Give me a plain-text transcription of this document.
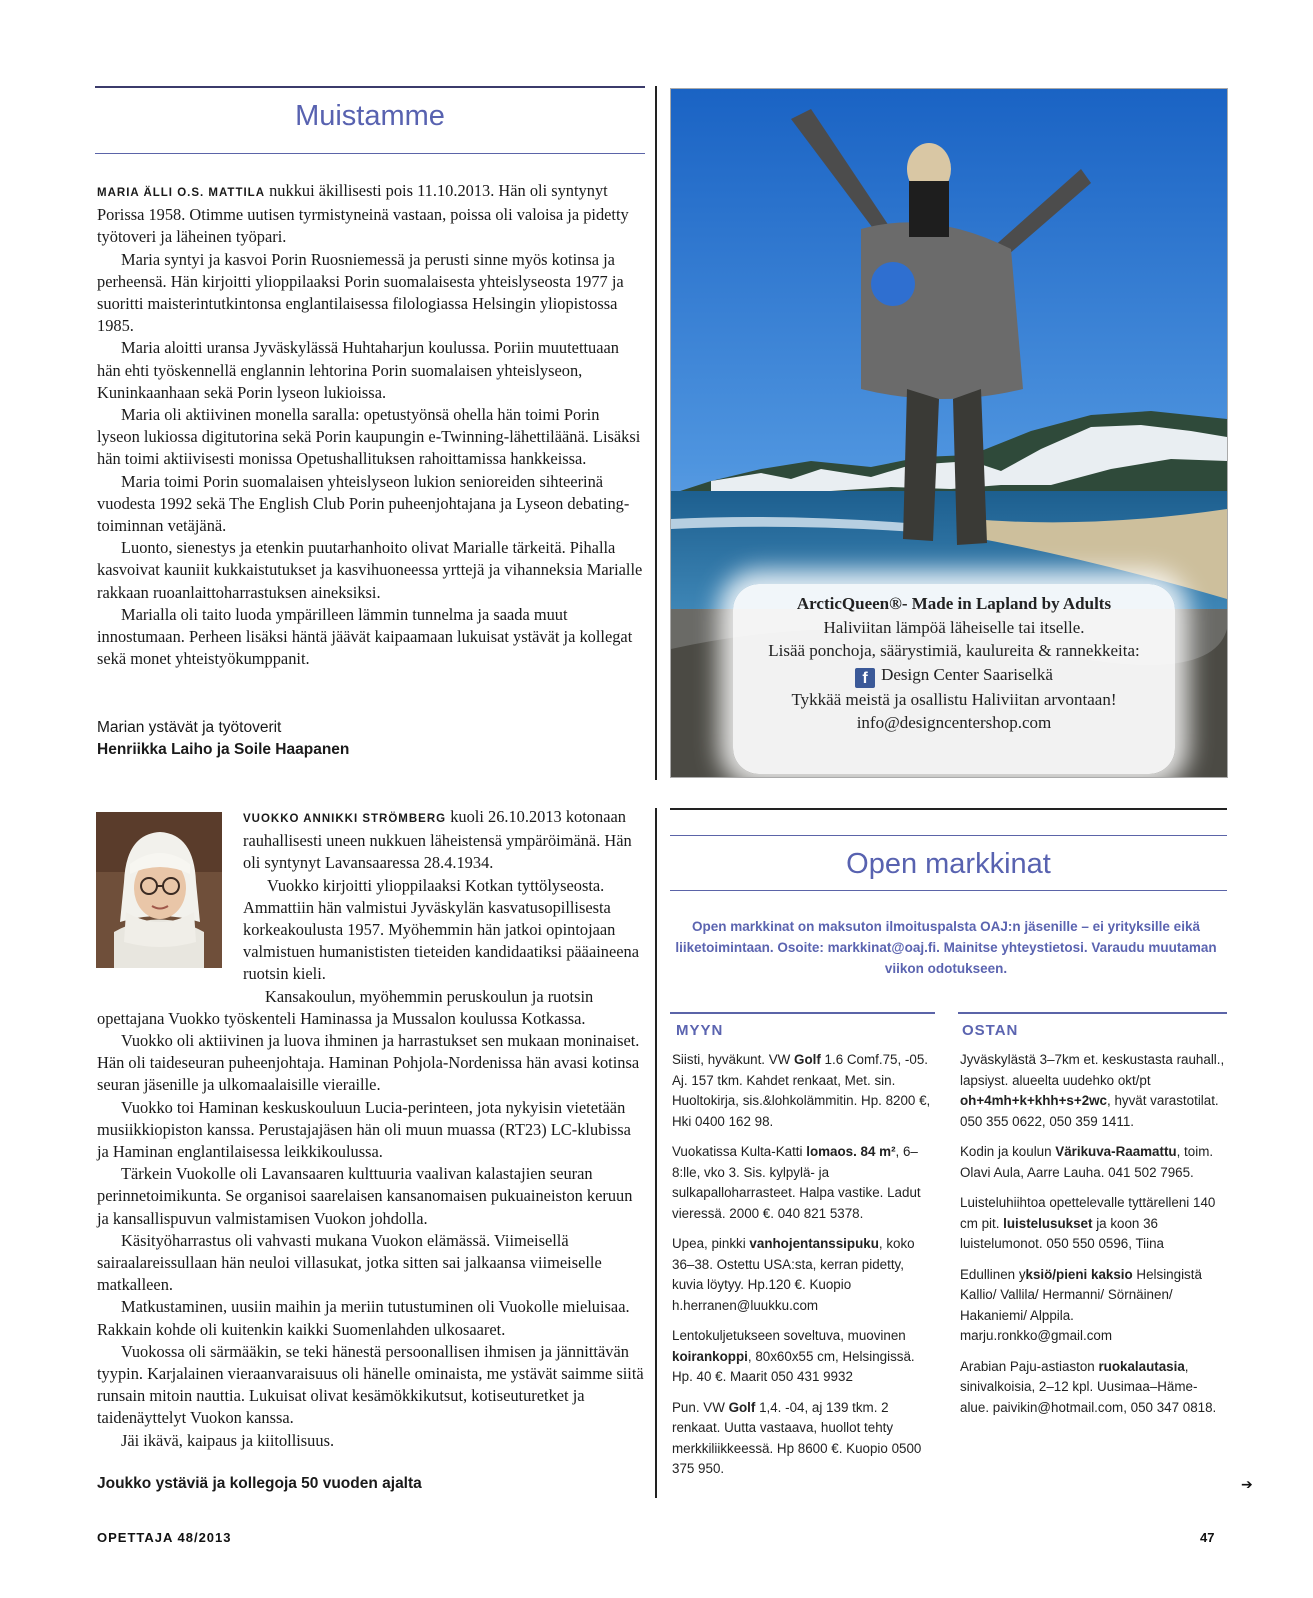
Muistamme

MARIA ÄLLI O.S. MATTILA nukkui äkillisesti pois 11.10.2013. Hän oli syntynyt Porissa 1958. Otimme uutisen tyrmistyneinä vastaan, poissa oli valoisa ja pidetty työtoveri ja läheinen työpari.

Maria syntyi ja kasvoi Porin Ruosniemessä ja perusti sinne myös kotinsa ja perheensä. Hän kirjoitti ylioppilaaksi Porin suomalaisesta yhteislyseosta 1977 ja suoritti maisterintutkintonsa englantilaisessa filologiassa Helsingin yliopistossa 1985.

Maria aloitti uransa Jyväskylässä Huhtaharjun koulussa. Poriin muutettuaan hän ehti työskennellä englannin lehtorina Porin suomalaisen yhteislyseon, Kuninkaanhaan sekä Porin lyseon lukioissa.

Maria oli aktiivinen monella saralla: opetustyönsä ohella hän toimi Porin lyseon lukiossa digitutorina sekä Porin kaupungin e-Twinning-lähettiläänä. Lisäksi hän toimi aktiivisesti monissa Opetushallituksen rahoittamissa hankkeissa.

Maria toimi Porin suomalaisen yhteislyseon lukion senioreiden sihteerinä vuodesta 1992 sekä The English Club Porin puheenjohtajana ja Lyseon debating-toiminnan vetäjänä.

Luonto, sienestys ja etenkin puutarhanhoito olivat Marialle tärkeitä. Pihalla kasvoivat kauniit kukkaistutukset ja kasvihuoneessa yrttejä ja vihanneksia Marialle rakkaan ruoanlaittoharrastuksen aineksiksi.

Marialla oli taito luoda ympärilleen lämmin tunnelma ja saada muut innostumaan. Perheen lisäksi häntä jäävät kaipaamaan lukuisat ystävät ja kollegat sekä monet yhteistyökumppanit.

Marian ystävät ja työtoverit
Henriikka Laiho ja Soile Haapanen

VUOKKO ANNIKKI STRÖMBERG kuoli 26.10.2013 kotonaan rauhallisesti uneen nukkuen läheistensä ympäröimänä. Hän oli syntynyt Lavansaaressa 28.4.1934.

Vuokko kirjoitti ylioppilaaksi Kotkan tyttölyseosta. Ammattiin hän valmistui Jyväskylän kasvatusopillisesta korkeakoulusta 1957. Myöhemmin hän jatkoi opintojaan valmistuen humanististen tieteiden kandidaatiksi pääaineena ruotsin kieli.

Kansakoulun, myöhemmin peruskoulun ja ruotsin opettajana Vuokko työskenteli Haminassa ja Mussalon koulussa Kotkassa.

Vuokko oli aktiivinen ja luova ihminen ja harrastukset sen mukaan moninaiset. Hän oli taideseuran puheenjohtaja. Haminan Pohjola-Nordenissa hän avasi kotinsa seuran jäsenille ja ulkomaalaisille vieraille.

Vuokko toi Haminan keskuskouluun Lucia-perinteen, jota nykyisin vietetään musiikkiopiston kanssa. Perustajajäsen hän oli muun muassa (RT23) LC-klubissa ja Haminan englantilaisessa leikkikoulussa.

Tärkein Vuokolle oli Lavansaaren kulttuuria vaalivan kalastajien seuran perinnetoimikunta. Se organisoi saarelaisen kansanomaisen pukuaineiston keruun ja kansallispuvun valmistamisen Vuokon johdolla.

Käsityöharrastus oli vahvasti mukana Vuokon elämässä. Viimeisellä sairaalareissullaan hän neuloi villasukat, jotka sitten sai jalkaansa viimeiselle matkalleen.

Matkustaminen, uusiin maihin ja meriin tutustuminen oli Vuokolle mieluisaa. Rakkain kohde oli kuitenkin kaikki Suomenlahden ulkosaaret.

Vuokossa oli särmääkin, se teki hänestä persoonallisen ihmisen ja jännittävän tyypin. Karjalainen vieraanvaraisuus oli hänelle ominaista, me ystävät saimme siitä runsain mitoin nauttia. Lukuisat olivat kesämökkikutsut, kotiseuturetket ja taidenäyttelyt Vuokon kanssa.

Jäi ikävä, kaipaus ja kiitollisuus.

Joukko ystäviä ja kollegoja 50 vuoden ajalta
ArcticQueen®- Made in Lapland by Adults
Haliviitan lämpöä läheiselle tai itselle.
Lisää ponchoja, säärystimiä, kaulureita & rannekkeita:
f Design Center Saariselkä
Tykkää meistä ja osallistu Haliviitan arvontaan!
info@designcentershop.com
Open markkinat
Open markkinat on maksuton ilmoituspalsta OAJ:n jäsenille – ei yrityksille eikä liiketoimintaan. Osoite: markkinat@oaj.fi. Mainitse yhteystietosi. Varaudu muutaman viikon odotukseen.
MYYN	OSTAN
Siisti, hyväkunt. VW Golf 1.6 Comf.75, -05. Aj. 157 tkm. Kahdet renkaat, Met. sin. Huoltokirja, sis.&lohkolämmitin. Hp. 8200 €, Hki 0400 162 98.
Vuokatissa Kulta-Katti lomaos. 84 m², 6–8:lle, vko 3. Sis. kylpylä- ja sulkapalloharrasteet. Halpa vastike. Ladut vieressä. 2000 €. 040 821 5378.
Upea, pinkki vanhojentanssipuku, koko 36–38. Ostettu USA:sta, kerran pidetty, kuvia löytyy. Hp.120 €. Kuopio h.herranen@luukku.com
Lentokuljetukseen soveltuva, muovinen koirankoppi, 80x60x55 cm, Helsingissä. Hp. 40 €. Maarit 050 431 9932
Pun. VW Golf 1,4. -04, aj 139 tkm. 2 renkaat. Uutta vastaava, huollot tehty merkkiliikkeessä. Hp 8600 €. Kuopio 0500 375 950.
Jyväskylästä 3–7km et. keskustasta rauhall., lapsiyst. alueelta uudehko okt/pt oh+4mh+k+khh+s+2wc, hyvät varastotilat. 050 355 0622, 050 359 1411.
Kodin ja koulun Värikuva-Raamattu, toim. Olavi Aula, Aarre Lauha. 041 502 7965.
Luisteluhiihtoa opettelevalle tyttärelleni 140 cm pit. luistelusukset ja koon 36 luistelumonot. 050 550 0596, Tiina
Edullinen yksiö/pieni kaksio Helsingistä Kallio/ Vallila/ Hermanni/ Sörnäinen/ Hakaniemi/ Alppila. marju.ronkko@gmail.com
Arabian Paju-astiaston ruokalautasia, sinivalkoisia, 2–12 kpl. Uusimaa–Häme-alue. paivikin@hotmail.com, 050 347 0818.
➔
OPETTAJA 48/2013	47
